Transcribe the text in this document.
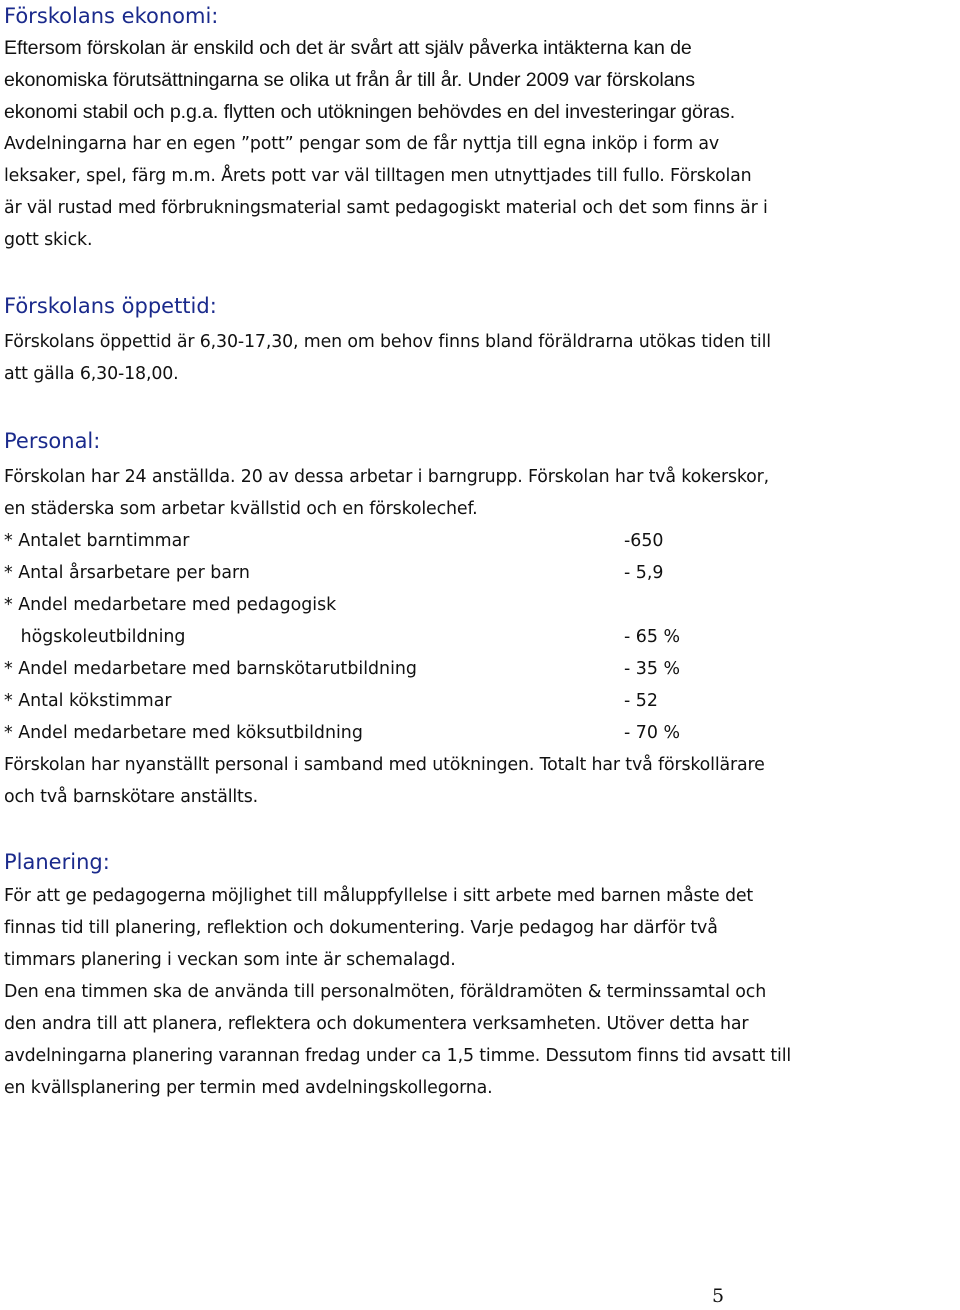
Förskolans ekonomi:

Eftersom förskolan är enskild och det är svårt att själv påverka intäkterna kan de
ekonomiska förutsättningarna se olika ut från år till år. Under 2009 var förskolans
ekonomi stabil och p.g.a. flytten och utökningen behövdes en del investeringar göras.

Avdelningarna har en egen ”pott” pengar som de får nyttja till egna inköp i form av
leksaker, spel, färg m.m. Årets pott var väl tilltagen men utnyttjades till fullo. Förskolan
är väl rustad med förbrukningsmaterial samt pedagogiskt material och det som finns är i
gott skick.

Förskolans öppettid:

Förskolans öppettid är 6,30-17,30, men om behov finns bland föräldrarna utökas tiden till
att gälla 6,30-18,00.

Personal:

Förskolan har 24 anställda. 20 av dessa arbetar i barngrupp. Förskolan har två kokerskor,
en städerska som arbetar kvällstid och en förskolechef.

* Antalet barntimmar	-650
* Antal årsarbetare per barn	- 5,9
* Andel medarbetare med pedagogisk
högskoleutbildning	- 65 %
* Andel medarbetare med barnskötarutbildning	- 35 %
* Antal kökstimmar	- 52
* Andel medarbetare med köksutbildning	- 70 %

Förskolan har nyanställt personal i samband med utökningen. Totalt har två förskollärare
och två barnskötare anställts.

Planering:

För att ge pedagogerna möjlighet till måluppfyllelse i sitt arbete med barnen måste det
finnas tid till planering, reflektion och dokumentering. Varje pedagog har därför två
timmars planering i veckan som inte är schemalagd.
Den ena timmen ska de använda till personalmöten, föräldramöten & terminssamtal och
den andra till att planera, reflektera och dokumentera verksamheten. Utöver detta har
avdelningarna planering varannan fredag under ca 1,5 timme. Dessutom finns tid avsatt till
en kvällsplanering per termin med avdelningskollegorna.

5
